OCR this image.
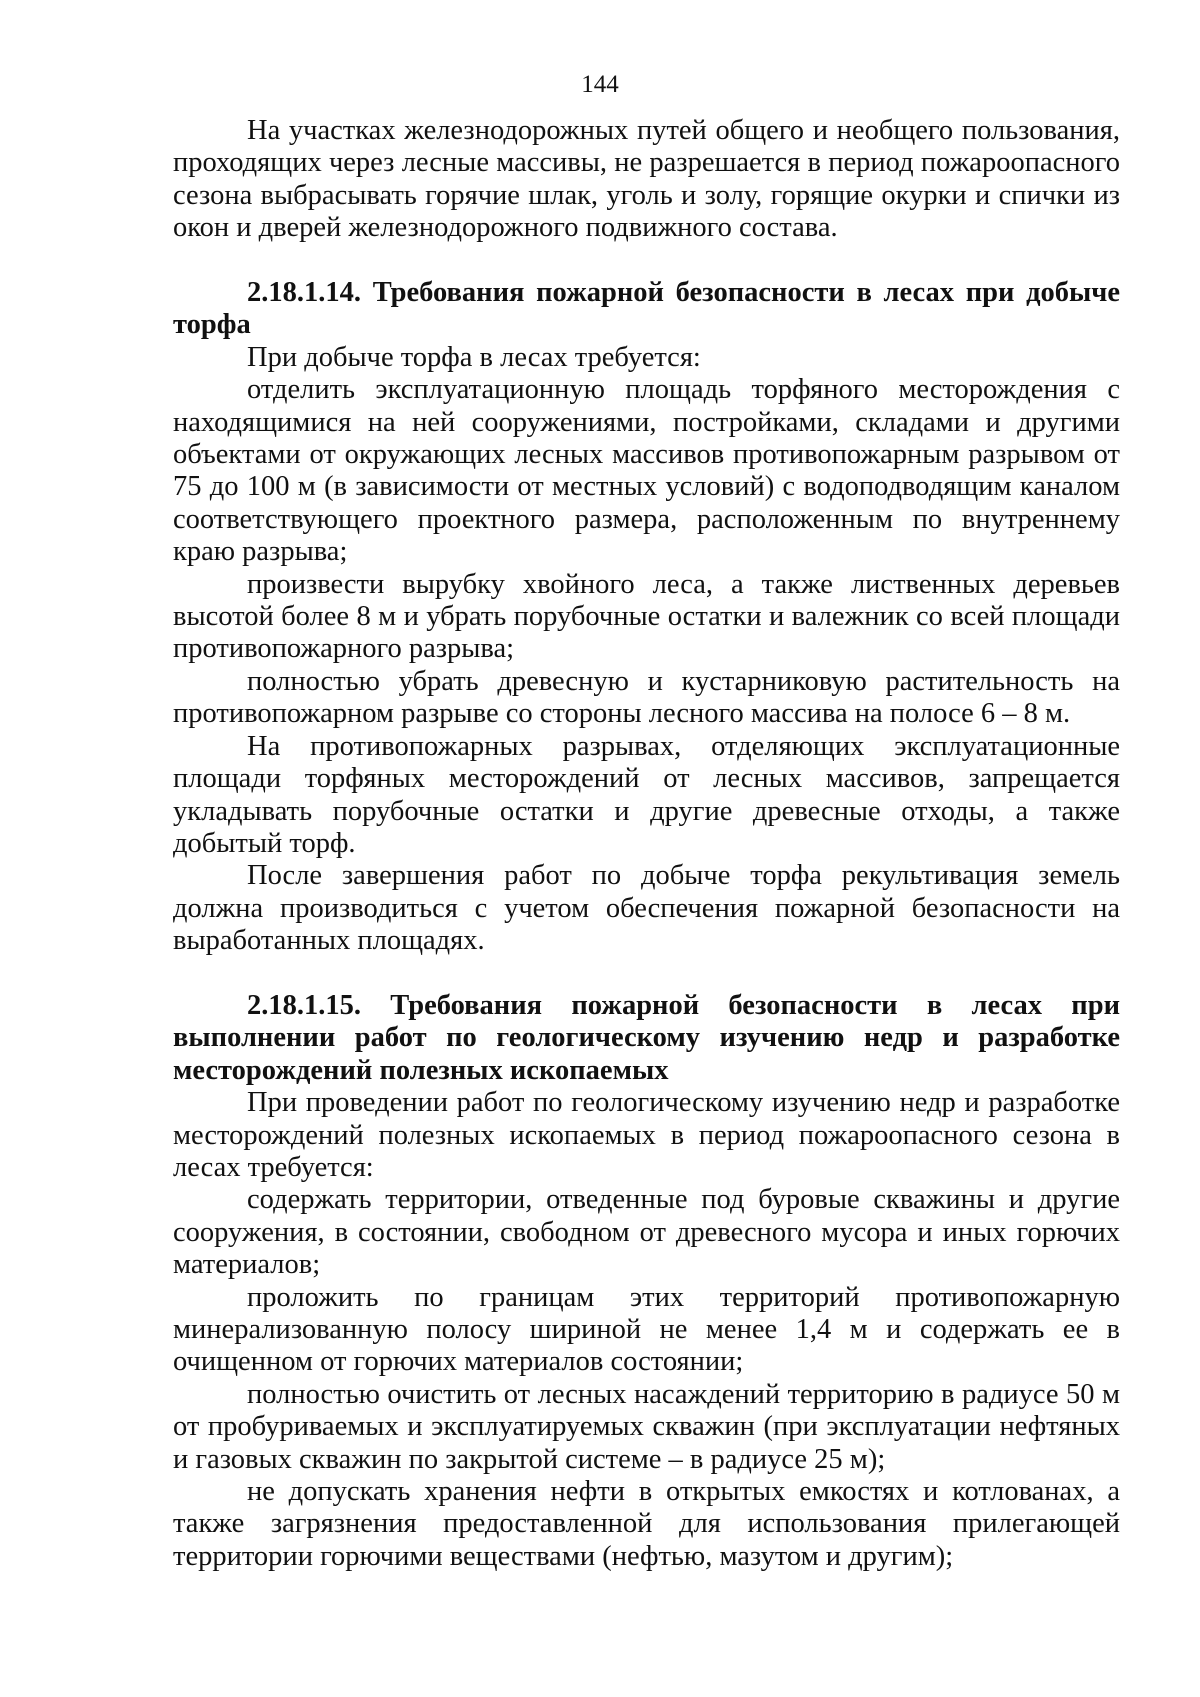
144

На участках железнодорожных путей общего и необщего пользования, проходящих через лесные массивы, не разрешается в период пожароопасного сезона выбрасывать горячие шлак, уголь и золу, горящие окурки и спички из окон и дверей железнодорожного подвижного состава.

2.18.1.14. Требования пожарной безопасности в лесах при добыче торфа

При добыче торфа в лесах требуется:

отделить эксплуатационную площадь торфяного месторождения с находящимися на ней сооружениями, постройками, складами и другими объектами от окружающих лесных массивов противопожарным разрывом от 75 до 100 м (в зависимости от местных условий) с водоподводящим каналом соответствующего проектного размера, расположенным по внутреннему краю разрыва;

произвести вырубку хвойного леса, а также лиственных деревьев высотой более 8 м и убрать порубочные остатки и валежник со всей площади противопожарного разрыва;

полностью убрать древесную и кустарниковую растительность на противопожарном разрыве со стороны лесного массива на полосе 6 – 8 м.

На противопожарных разрывах, отделяющих эксплуатационные площади торфяных месторождений от лесных массивов, запрещается укладывать порубочные остатки и другие древесные отходы, а также добытый торф.

После завершения работ по добыче торфа рекультивация земель должна производиться с учетом обеспечения пожарной безопасности на выработанных площадях.

2.18.1.15. Требования пожарной безопасности в лесах при выполнении работ по геологическому изучению недр и разработке месторождений полезных ископаемых

При проведении работ по геологическому изучению недр и разработке месторождений полезных ископаемых в период пожароопасного сезона в лесах требуется:

содержать территории, отведенные под буровые скважины и другие сооружения, в состоянии, свободном от древесного мусора и иных горючих материалов;

проложить по границам этих территорий противопожарную минерализованную полосу шириной не менее 1,4 м и содержать ее в очищенном от горючих материалов состоянии;

полностью очистить от лесных насаждений территорию в радиусе 50 м от пробуриваемых и эксплуатируемых скважин (при эксплуатации нефтяных и газовых скважин по закрытой системе – в радиусе 25 м);

не допускать хранения нефти в открытых емкостях и котлованах, а также загрязнения предоставленной для использования прилегающей территории горючими веществами (нефтью, мазутом и другим);
